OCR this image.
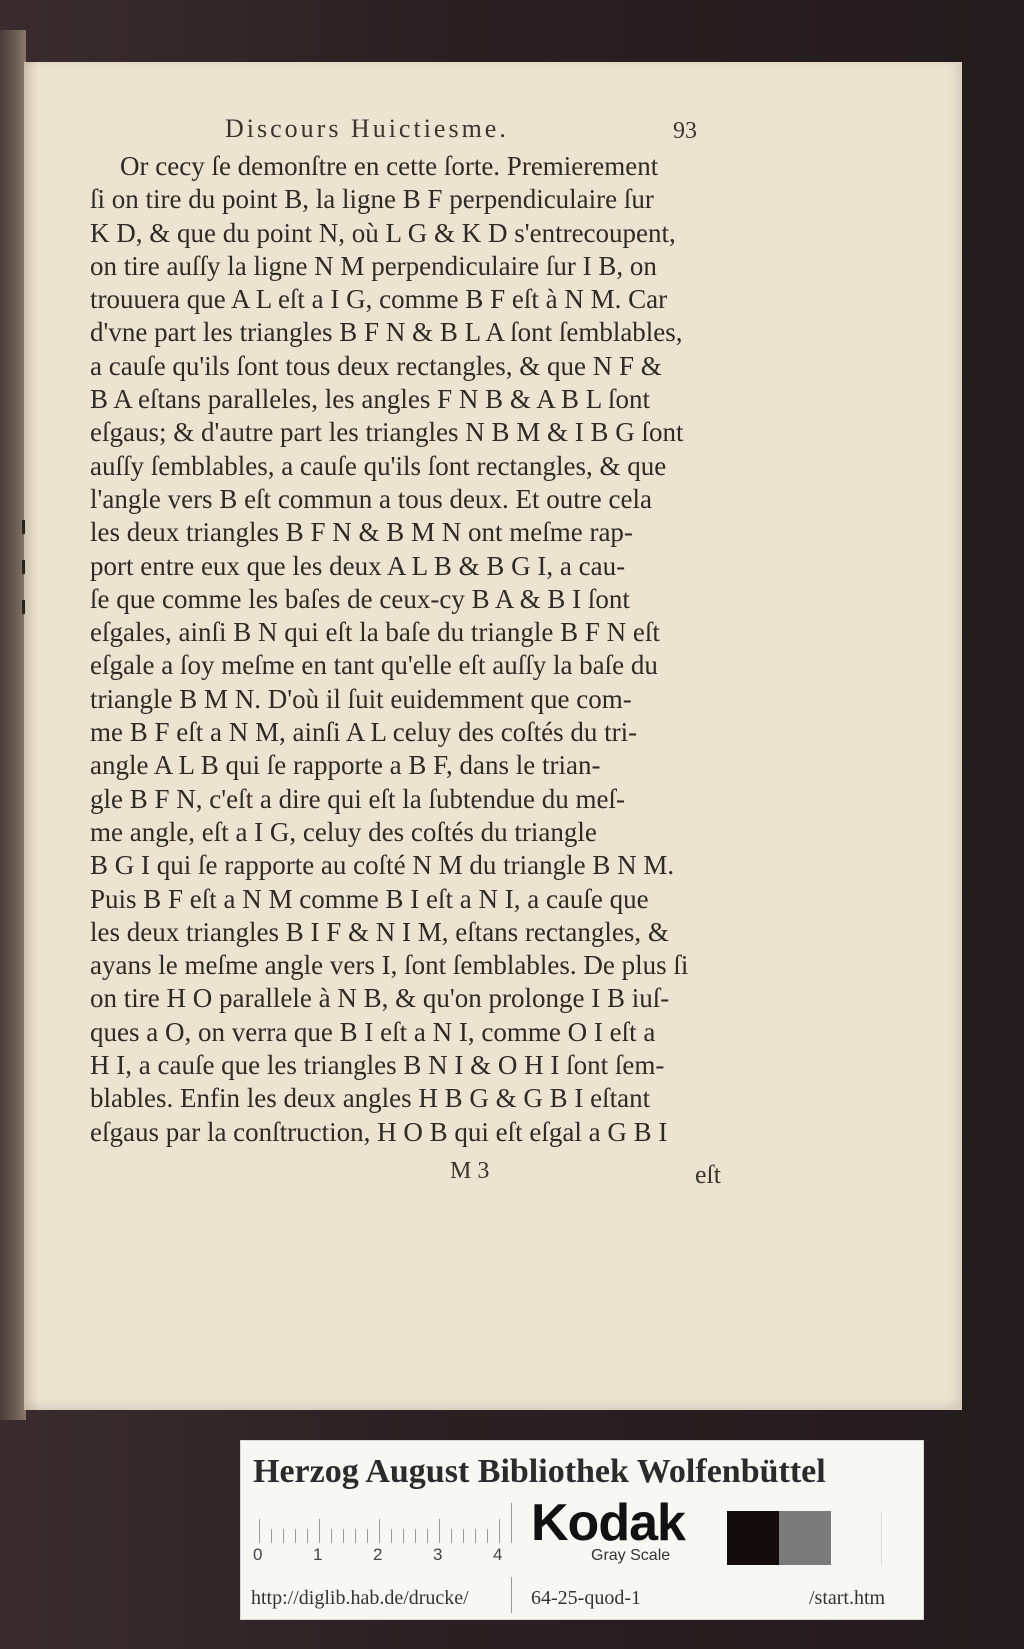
Discours Huictiesme.	93
Or cecy ſe demonſtre en cette ſorte. Premierement
ſi on tire du point B, la ligne B F perpendiculaire ſur
K D, & que du point N, où L G & K D s'entrecoupent,
on tire auſſy la ligne N M perpendiculaire ſur I B, on
trouuera que A L eſt a I G, comme B F eſt à N M. Car
d'vne part les triangles B F N & B L A ſont ſemblables,
a cauſe qu'ils ſont tous deux rectangles, & que N F &
B A eſtans paralleles, les angles F N B & A B L ſont
eſgaus; & d'autre part les triangles N B M & I B G ſont
auſſy ſemblables, a cauſe qu'ils ſont rectangles, & que
l'angle vers B eſt commun a tous deux. Et outre cela
les deux triangles B F N & B M N ont meſme rap-
port entre eux que les deux A L B & B G I, a cau-
ſe que comme les baſes de ceux-cy B A & B I ſont
eſgales, ainſi B N qui eſt la baſe du triangle B F N eſt
eſgale a ſoy meſme en tant qu'elle eſt auſſy la baſe du
triangle B M N. D'où il ſuit euidemment que com-
me B F eſt a N M, ainſi A L celuy des coſtés du tri-
angle A L B qui ſe rapporte a B F, dans le trian-
gle B F N, c'eſt a dire qui eſt la ſubtendue du meſ-
me angle, eſt a I G, celuy des coſtés du triangle
B G I qui ſe rapporte au coſté N M du triangle B N M.
Puis B F eſt a N M comme B I eſt a N I, a cauſe que
les deux triangles B I F & N I M, eſtans rectangles, &
ayans le meſme angle vers I, ſont ſemblables. De plus ſi
on tire H O parallele à N B, & qu'on prolonge I B iuſ-
ques a O, on verra que B I eſt a N I, comme O I eſt a
H I, a cauſe que les triangles B N I & O H I ſont ſem-
blables. Enfin les deux angles H B G & G B I eſtant
eſgaus par la conſtruction, H O B qui eſt eſgal a G B I
M 3	eſt
Herzog August Bibliothek Wolfenbüttel
0	1	2	3	4
Kodak
Gray Scale
http://diglib.hab.de/drucke/	64-25-quod-1	/start.htm
